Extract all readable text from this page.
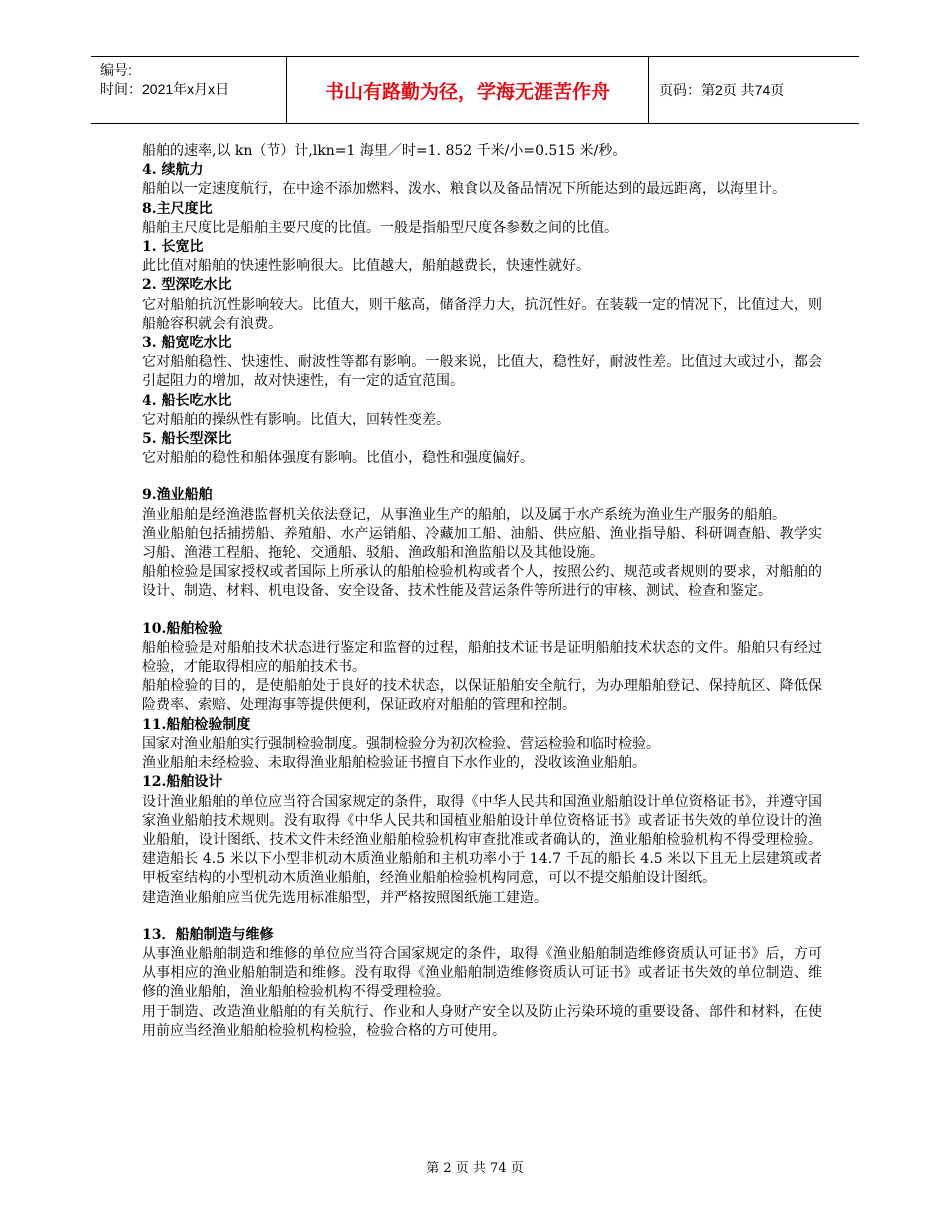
编号:
时间：2021年x月x日	书山有路勤为径，学海无涯苦作舟	页码：第2页 共74页

船舶的速率,以 kn（节）计,lkn=1 海里／时=1. 852 千米/小=0.515 米/秒。

4. 续航力

船舶以一定速度航行，在中途不添加燃料、泼水、粮食以及备品情况下所能达到的最远距离，以海里计。

8.主尺度比

船舶主尺度比是船舶主要尺度的比值。一般是指船型尺度各参数之间的比值。

1. 长宽比

此比值对船舶的快速性影响很大。比值越大，船舶越费长，快速性就好。

2. 型深吃水比

它对船舶抗沉性影响较大。比值大，则干舷高，储备浮力大，抗沉性好。在装载一定的情况下，比值过大，则船舱容积就会有浪费。

3. 船宽吃水比

它对船舶稳性、快速性、耐波性等都有影响。一般来说，比值大，稳性好，耐波性差。比值过大或过小，都会引起阻力的增加，故对快速性，有一定的适宜范围。

4. 船长吃水比

它对船舶的操纵性有影响。比值大，回转性变差。

5. 船长型深比

它对船舶的稳性和船体强度有影响。比值小，稳性和强度偏好。

9.渔业船舶

渔业船舶是经渔港监督机关依法登记，从事渔业生产的船舶，以及属于水产系统为渔业生产服务的船舶。

渔业船舶包括捕捞船、养殖船、水产运销船、冷藏加工船、油船、供应船、渔业指导船、科研调查船、教学实习船、渔港工程船、拖轮、交通船、驳船、渔政船和渔监船以及其他设施。

船舶检验是国家授权或者国际上所承认的船舶检验机构或者个人，按照公约、规范或者规则的要求，对船舶的设计、制造、材料、机电设备、安全设备、技术性能及营运条件等所进行的审核、测试、检查和鉴定。

10.船舶检验

船舶检验是对船舶技术状态进行鉴定和监督的过程，船舶技术证书是证明船舶技术状态的文件。船舶只有经过检验，才能取得相应的船舶技术书。

船舶检验的目的，是使船舶处于良好的技术状态，以保证船舶安全航行，为办理船舶登记、保持航区、降低保险费率、索赔、处理海事等提供便利，保证政府对船舶的管理和控制。

11.船舶检验制度

国家对渔业船舶实行强制检验制度。强制检验分为初次检验、营运检验和临时检验。

渔业船舶未经检验、未取得渔业船舶检验证书擅自下水作业的，没收该渔业船舶。

12.船舶设计

设计渔业船舶的单位应当符合国家规定的条件，取得《中华人民共和国渔业船舶设计单位资格证书》，并遵守国家渔业船舶技术规则。没有取得《中华人民共和国植业船舶设计单位资格证书》或者证书失效的单位设计的渔业船舶，设计图纸、技术文件未经渔业船舶检验机构审查批准或者确认的，渔业船舶检验机构不得受理检验。建造船长 4.5 米以下小型非机动木质渔业船舶和主机功率小于 14.7 千瓦的船长 4.5 米以下且无上层建筑或者甲板室结构的小型机动木质渔业船舶，经渔业船舶检验机构同意，可以不提交船舶设计图纸。

建造渔业船舶应当优先选用标准船型，并严格按照图纸施工建造。

13．船舶制造与维修

从事渔业船舶制造和维修的单位应当符合国家规定的条件，取得《渔业船舶制造维修资质认可证书》后，方可从事相应的渔业船舶制造和维修。没有取得《渔业船舶制造维修资质认可证书》或者证书失效的单位制造、维修的渔业船舶，渔业船舶检验机构不得受理检验。

用于制造、改造渔业船舶的有关航行、作业和人身财产安全以及防止污染环境的重要设备、部件和材料，在使用前应当经渔业船舶检验机构检验，检验合格的方可使用。

第 2 页 共 74 页
